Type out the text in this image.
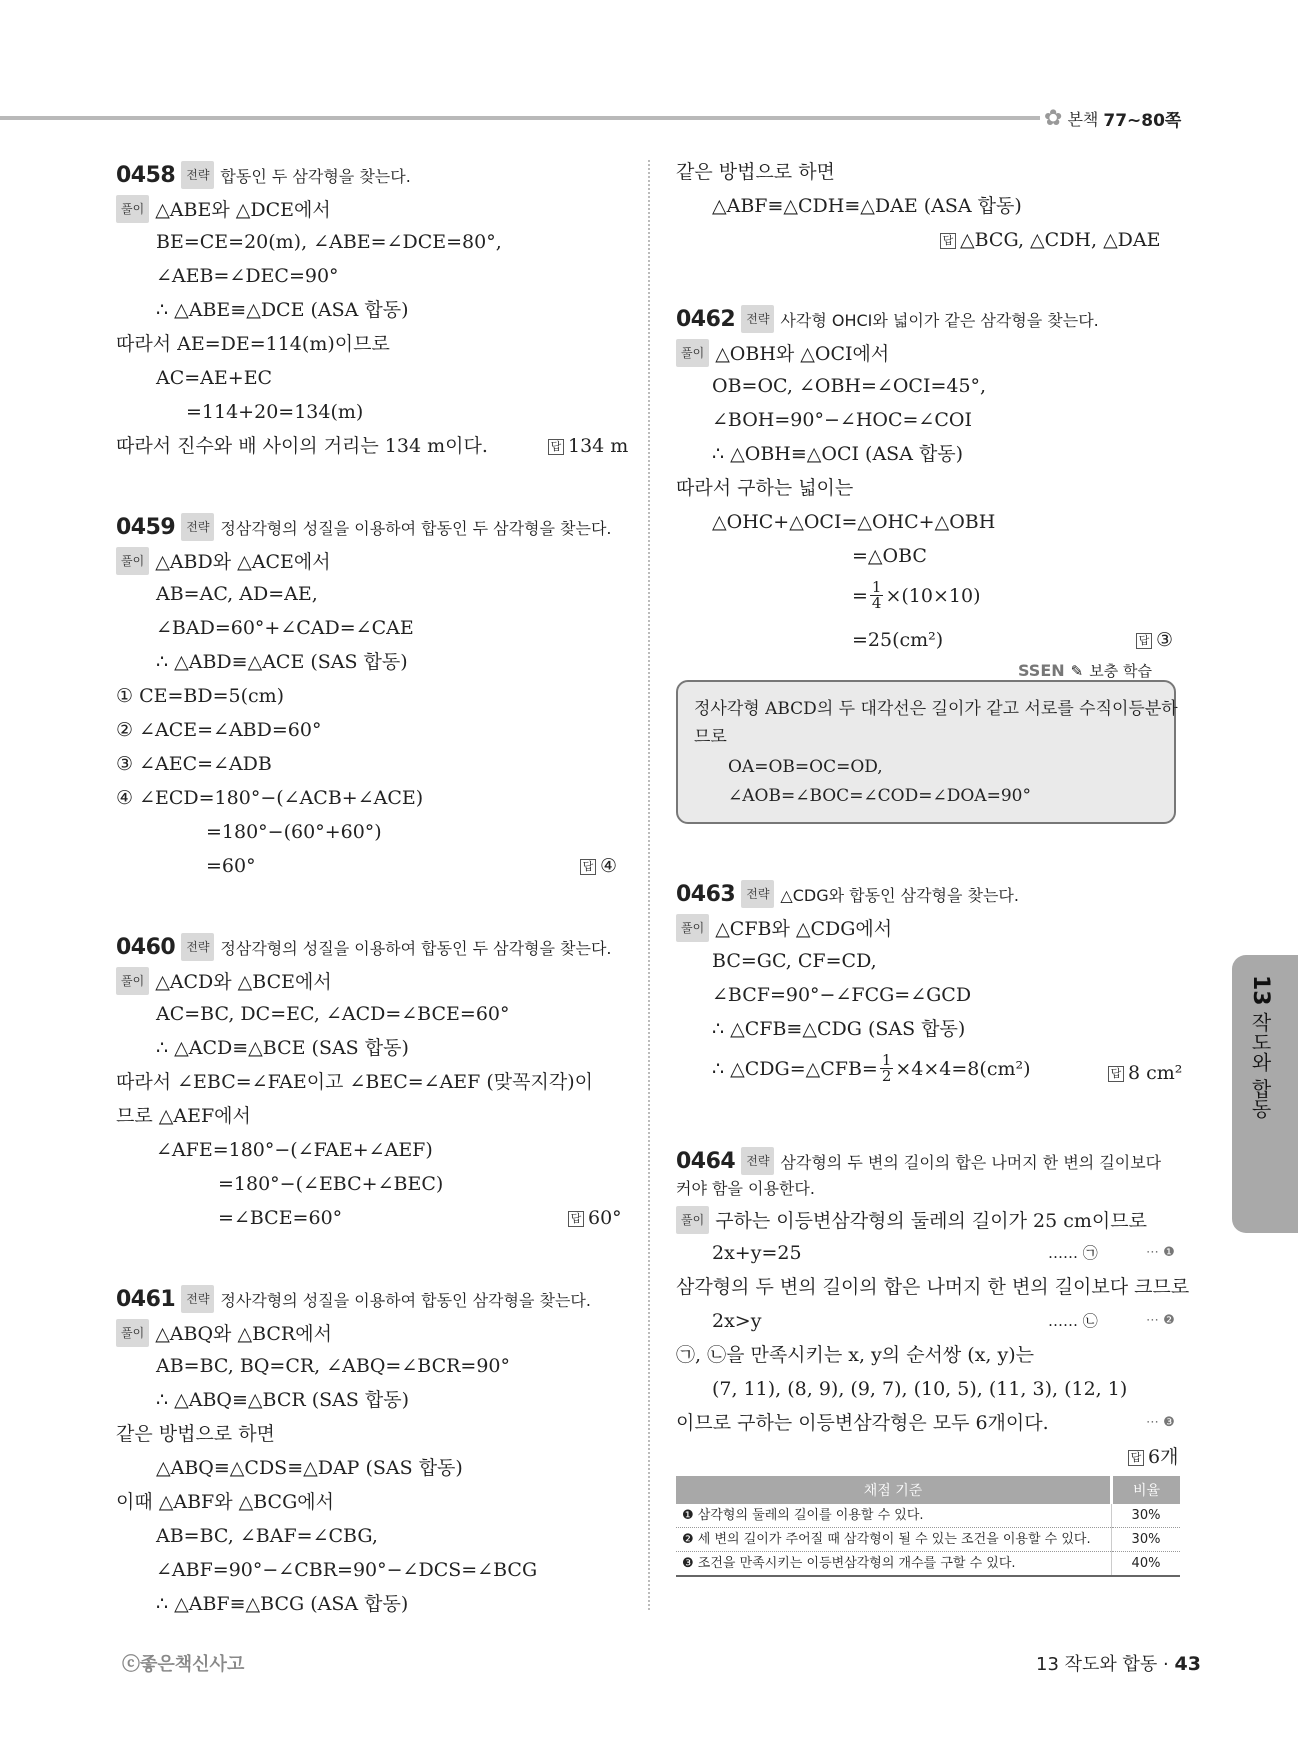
✿ 본책 77~80쪽
0458 전략 합동인 두 삼각형을 찾는다.
풀이 △ABE와 △DCE에서
BE=CE=20(m), ∠ABE=∠DCE=80°,
∠AEB=∠DEC=90°
∴ △ABE≡△DCE (ASA 합동)
따라서 AE=DE=114(m)이므로
AC=AE+EC
=114+20=134(m)
따라서 진수와 배 사이의 거리는 134 m이다.	답 134 m
0459 전략 정삼각형의 성질을 이용하여 합동인 두 삼각형을 찾는다.
풀이 △ABD와 △ACE에서
AB=AC, AD=AE,
∠BAD=60°+∠CAD=∠CAE
∴ △ABD≡△ACE (SAS 합동)
① CE=BD=5(cm)
② ∠ACE=∠ABD=60°
③ ∠AEC=∠ADB
④ ∠ECD=180°−(∠ACB+∠ACE)
=180°−(60°+60°)
=60°	답 ④
0460 전략 정삼각형의 성질을 이용하여 합동인 두 삼각형을 찾는다.
풀이 △ACD와 △BCE에서
AC=BC, DC=EC, ∠ACD=∠BCE=60°
∴ △ACD≡△BCE (SAS 합동)
따라서 ∠EBC=∠FAE이고 ∠BEC=∠AEF (맞꼭지각)이
므로 △AEF에서
∠AFE=180°−(∠FAE+∠AEF)
=180°−(∠EBC+∠BEC)
=∠BCE=60°	답 60°
0461 전략 정사각형의 성질을 이용하여 합동인 삼각형을 찾는다.
풀이 △ABQ와 △BCR에서
AB=BC, BQ=CR, ∠ABQ=∠BCR=90°
∴ △ABQ≡△BCR (SAS 합동)
같은 방법으로 하면
△ABQ≡△CDS≡△DAP (SAS 합동)
이때 △ABF와 △BCG에서
AB=BC, ∠BAF=∠CBG,
∠ABF=90°−∠CBR=90°−∠DCS=∠BCG
∴ △ABF≡△BCG (ASA 합동)
같은 방법으로 하면
△ABF≡△CDH≡△DAE (ASA 합동)
답 △BCG, △CDH, △DAE
0462 전략 사각형 OHCI와 넓이가 같은 삼각형을 찾는다.
풀이 △OBH와 △OCI에서
OB=OC, ∠OBH=∠OCI=45°,
∠BOH=90°−∠HOC=∠COI
∴ △OBH≡△OCI (ASA 합동)
따라서 구하는 넓이는
△OHC+△OCI=△OHC+△OBH
=△OBC
= $\frac{1}{4} \times(10\times 10)$
=25(cm²)	답 ③
SSEN ✎ 보충 학습
정사각형 ABCD의 두 대각선은 길이가 같고 서로를 수직이등분하
므로
OA=OB=OC=OD,
∠AOB=∠BOC=∠COD=∠DOA=90°
0463 전략 △CDG와 합동인 삼각형을 찾는다.
풀이 △CFB와 △CDG에서
BC=GC, CF=CD,
∠BCF=90°−∠FCG=∠GCD
∴ △CFB≡△CDG (SAS 합동)
∴ △CDG=△CFB= $\frac{1}{2} \times 4\times 4=8(cm^2)$	답 8 cm²
0464 전략 삼각형의 두 변의 길이의 합은 나머지 한 변의 길이보다
커야 함을 이용한다.
풀이 구하는 이등변삼각형의 둘레의 길이가 25 cm이므로
2x+y=25	…… ㉠	⋯ ❶
삼각형의 두 변의 길이의 합은 나머지 한 변의 길이보다 크므로
2x>y	…… ㉡	⋯ ❷
㉠, ㉡을 만족시키는 x, y의 순서쌍 (x, y)는
(7, 11), (8, 9), (9, 7), (10, 5), (11, 3), (12, 1)
이므로 구하는 이등변삼각형은 모두 6개이다.	⋯ ❸
답 6개
채점 기준	비율
❶ 삼각형의 둘레의 길이를 이용할 수 있다.	30%
❷ 세 변의 길이가 주어질 때 삼각형이 될 수 있는 조건을 이용할 수 있다.	30%
❸ 조건을 만족시키는 이등변삼각형의 개수를 구할 수 있다.	40%
13 작도와 합동
ⓒ좋은책신사고	13 작도와 합동 · 43
